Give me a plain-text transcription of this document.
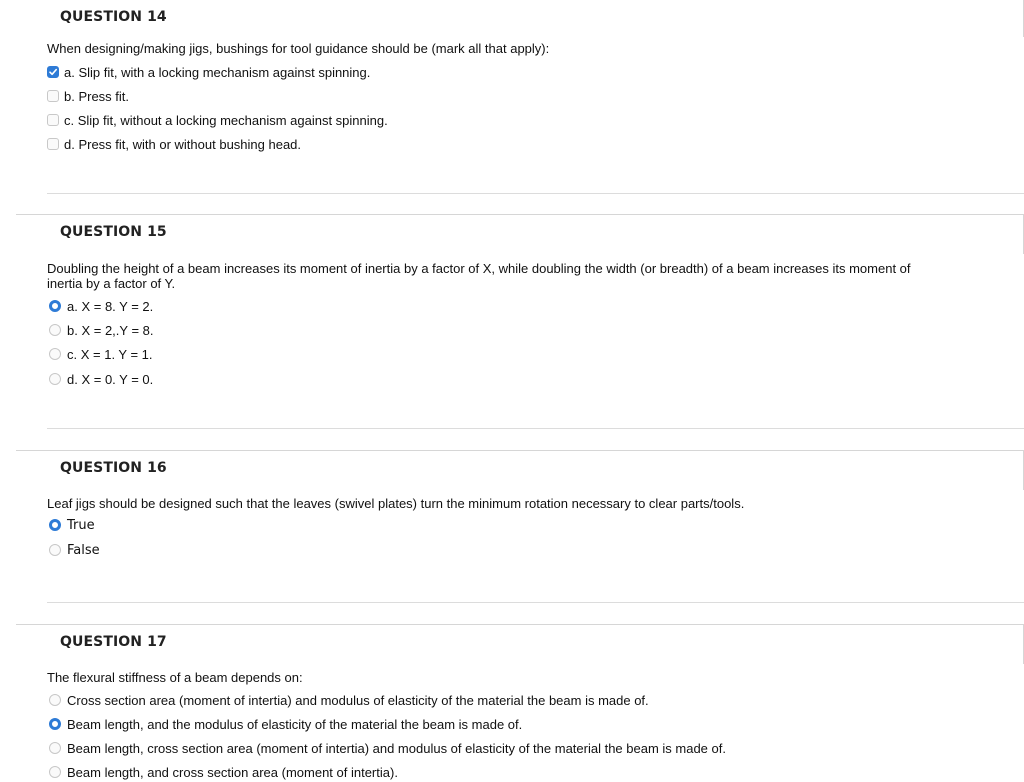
QUESTION 14
When designing/making jigs, bushings for tool guidance should be (mark all that apply):
a. Slip fit, with a locking mechanism against spinning.
b. Press fit.
c. Slip fit, without a locking mechanism against spinning.
d. Press fit, with or without bushing head.
QUESTION 15
Doubling the height of a beam increases its moment of inertia by a factor of X, while doubling the width (or breadth) of a beam increases its moment of inertia by a factor of Y.
a. X = 8. Y = 2.
b. X = 2,.Y = 8.
c. X = 1. Y = 1.
d. X = 0. Y = 0.
QUESTION 16
Leaf jigs should be designed such that the leaves (swivel plates) turn the minimum rotation necessary to clear parts/tools.
True
False
QUESTION 17
The flexural stiffness of a beam depends on:
Cross section area (moment of intertia) and modulus of elasticity of the material the beam is made of.
Beam length, and the modulus of elasticity of the material the beam is made of.
Beam length, cross section area (moment of intertia) and modulus of elasticity of the material the beam is made of.
Beam length, and cross section area (moment of intertia).
